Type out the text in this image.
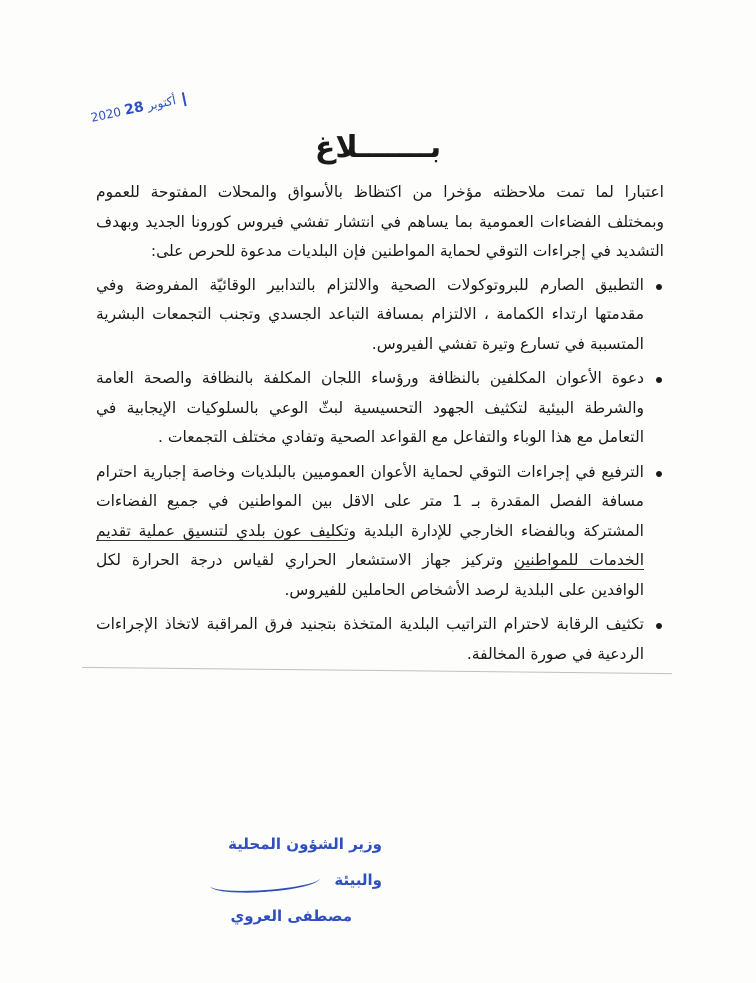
2020 أكتوبر 28
بـــــــلاغ

اعتبارا لما تمت ملاحظته مؤخرا من اكتظاظ بالأسواق والمحلات المفتوحة للعموم وبمختلف الفضاءات العمومية بما يساهم في انتشار تفشي فيروس كورونا الجديد وبهدف التشديد في إجراءات التوقي لحماية المواطنين فإن البلديات مدعوة للحرص على:

التطبيق الصارم للبروتوكولات الصحية والالتزام بالتدابير الوقائيّة المفروضة وفي مقدمتها ارتداء الكمامة ، الالتزام بمسافة التباعد الجسدي وتجنب التجمعات البشرية المتسببة في تسارع وتيرة تفشي الفيروس.
دعوة الأعوان المكلفين بالنظافة ورؤساء اللجان المكلفة بالنظافة والصحة العامة والشرطة البيئية لتكثيف الجهود التحسيسية لبثّ الوعي بالسلوكيات الإيجابية في التعامل مع هذا الوباء والتفاعل مع القواعد الصحية وتفادي مختلف التجمعات .
الترفيع في إجراءات التوقي لحماية الأعوان العموميين بالبلديات وخاصة إجبارية احترام مسافة الفصل المقدرة بـ 1 متر على الاقل بين المواطنين في جميع الفضاءات المشتركة وبالفضاء الخارجي للإدارة البلدية وتكليف عون بلدي لتنسيق عملية تقديم الخدمات للمواطنين وتركيز جهاز الاستشعار الحراري لقياس درجة الحرارة لكل الوافدين على البلدية لرصد الأشخاص الحاملين للفيروس.
تكثيف الرقابة لاحترام التراتيب البلدية المتخذة بتجنيد فرق المراقبة لاتخاذ الإجراءات الردعية في صورة المخالفة.
وزير الشؤون المحلية والبيئة
مصطفى العروي
